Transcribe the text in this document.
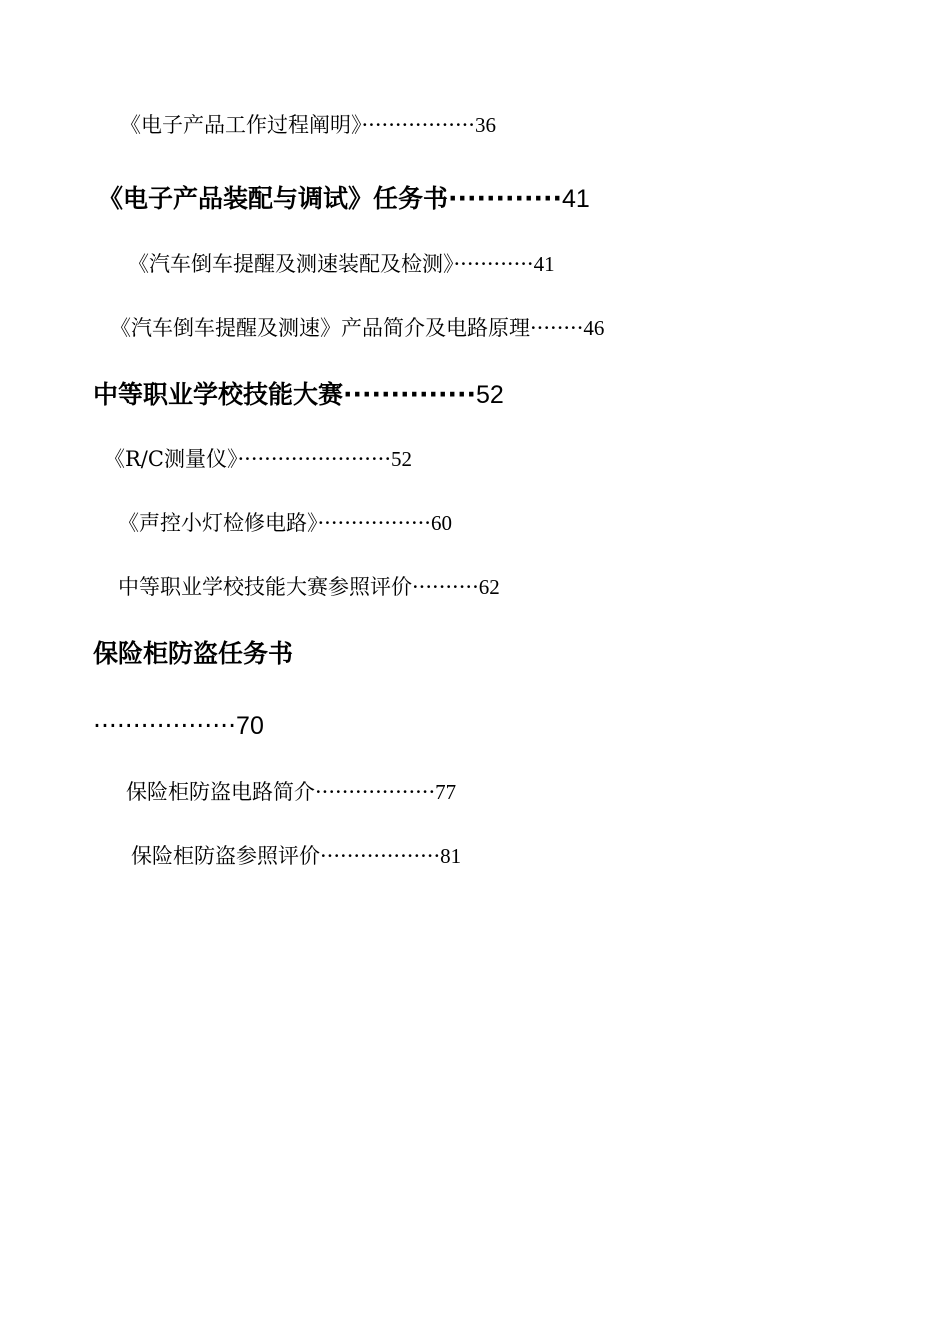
《电子产品工作过程阐明》·················36
《电子产品装配与调试》任务书············41
《汽车倒车提醒及测速装配及检测》············41
《汽车倒车提醒及测速》产品简介及电路原理········46
中等职业学校技能大赛··············52
《R/C测量仪》·······················52
《声控小灯检修电路》·················60
中等职业学校技能大赛参照评价··········62
保险柜防盗任务书
··················70
保险柜防盗电路简介··················77
保险柜防盗参照评价··················81
